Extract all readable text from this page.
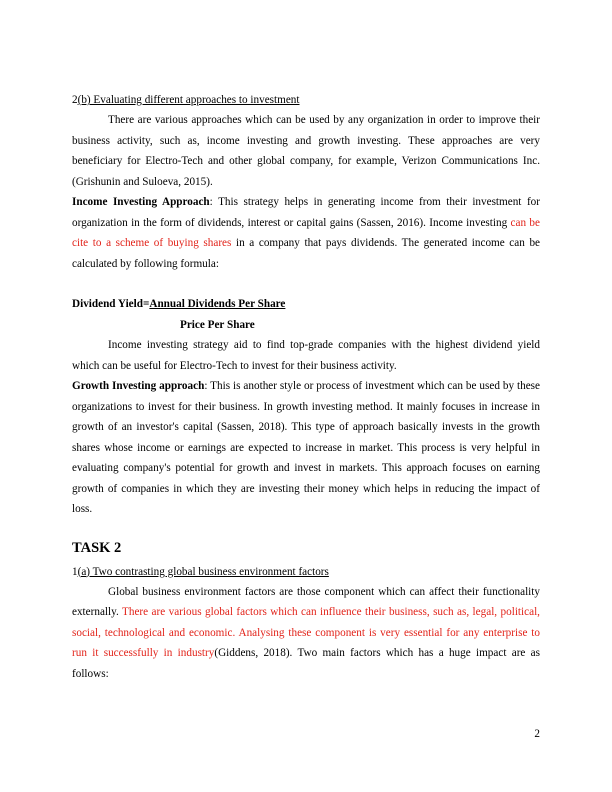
2(b) Evaluating different approaches to investment

There are various approaches which can be used by any organization in order to improve their business activity, such as, income investing and growth investing. These approaches are very beneficiary for Electro-Tech and other global company, for example, Verizon Communications Inc. (Grishunin and Suloeva, 2015).

Income Investing Approach: This strategy helps in generating income from their investment for organization in the form of dividends, interest or capital gains (Sassen, 2016). Income investing can be cite to a scheme of buying shares in a company that pays dividends. The generated income can be calculated by following formula:

Dividend Yield=Annual Dividends Per Share

Price Per Share

Income investing strategy aid to find top-grade companies with the highest dividend yield which can be useful for Electro-Tech to invest for their business activity.

Growth Investing approach: This is another style or process of investment which can be used by these organizations to invest for their business. In growth investing method. It mainly focuses in increase in growth of an investor's capital (Sassen, 2018). This type of approach basically invests in the growth shares whose income or earnings are expected to increase in market. This process is very helpful in evaluating company's potential for growth and invest in markets. This approach focuses on earning growth of companies in which they are investing their money which helps in reducing the impact of loss.

TASK 2

1(a) Two contrasting global business environment factors

Global business environment factors are those component which can affect their functionality externally. There are various global factors which can influence their business, such as, legal, political, social, technological and economic. Analysing these component is very essential for any enterprise to run it successfully in industry(Giddens, 2018). Two main factors which has a huge impact are as follows:

2
